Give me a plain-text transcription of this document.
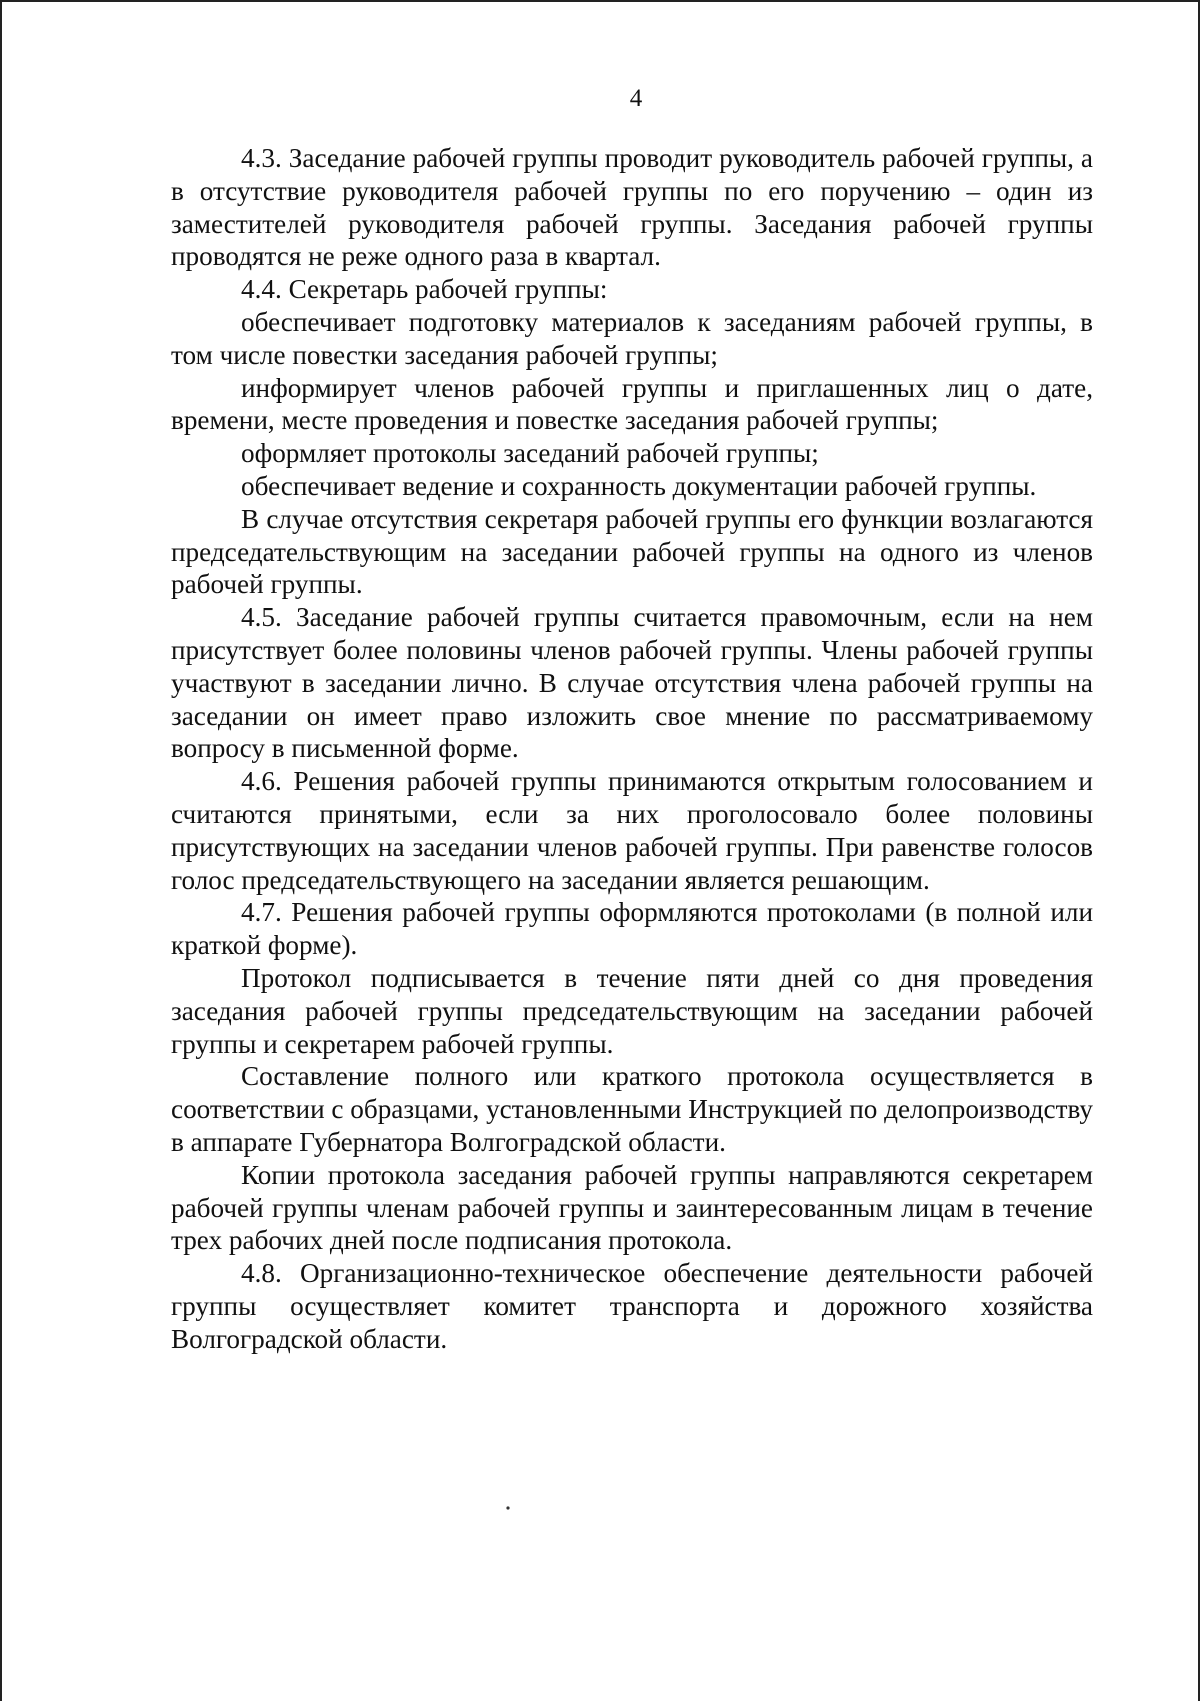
4

4.3. Заседание рабочей группы проводит руководитель рабочей группы, а в отсутствие руководителя рабочей группы по его поручению – один из заместителей руководителя рабочей группы. Заседания рабочей группы проводятся не реже одного раза в квартал.

4.4. Секретарь рабочей группы:

обеспечивает подготовку материалов к заседаниям рабочей группы, в том числе повестки заседания рабочей группы;

информирует членов рабочей группы и приглашенных лиц о дате, времени, месте проведения и повестке заседания рабочей группы;

оформляет протоколы заседаний рабочей группы;

обеспечивает ведение и сохранность документации рабочей группы.

В случае отсутствия секретаря рабочей группы его функции возлагаются председательствующим на заседании рабочей группы на одного из членов рабочей группы.

4.5. Заседание рабочей группы считается правомочным, если на нем присутствует более половины членов рабочей группы. Члены рабочей группы участвуют в заседании лично. В случае отсутствия члена рабочей группы на заседании он имеет право изложить свое мнение по рассматриваемому вопросу в письменной форме.

4.6. Решения рабочей группы принимаются открытым голосованием и считаются принятыми, если за них проголосовало более половины присутствующих на заседании членов рабочей группы. При равенстве голосов голос председательствующего на заседании является решающим.

4.7. Решения рабочей группы оформляются протоколами (в полной или краткой форме).

Протокол подписывается в течение пяти дней со дня проведения заседания рабочей группы председательствующим на заседании рабочей группы и секретарем рабочей группы.

Составление полного или краткого протокола осуществляется в соответствии с образцами, установленными Инструкцией по делопроизводству в аппарате Губернатора Волгоградской области.

Копии протокола заседания рабочей группы направляются секретарем рабочей группы членам рабочей группы и заинтересованным лицам в течение трех рабочих дней после подписания протокола.

4.8. Организационно-техническое обеспечение деятельности рабочей группы осуществляет комитет транспорта и дорожного хозяйства Волгоградской области.
